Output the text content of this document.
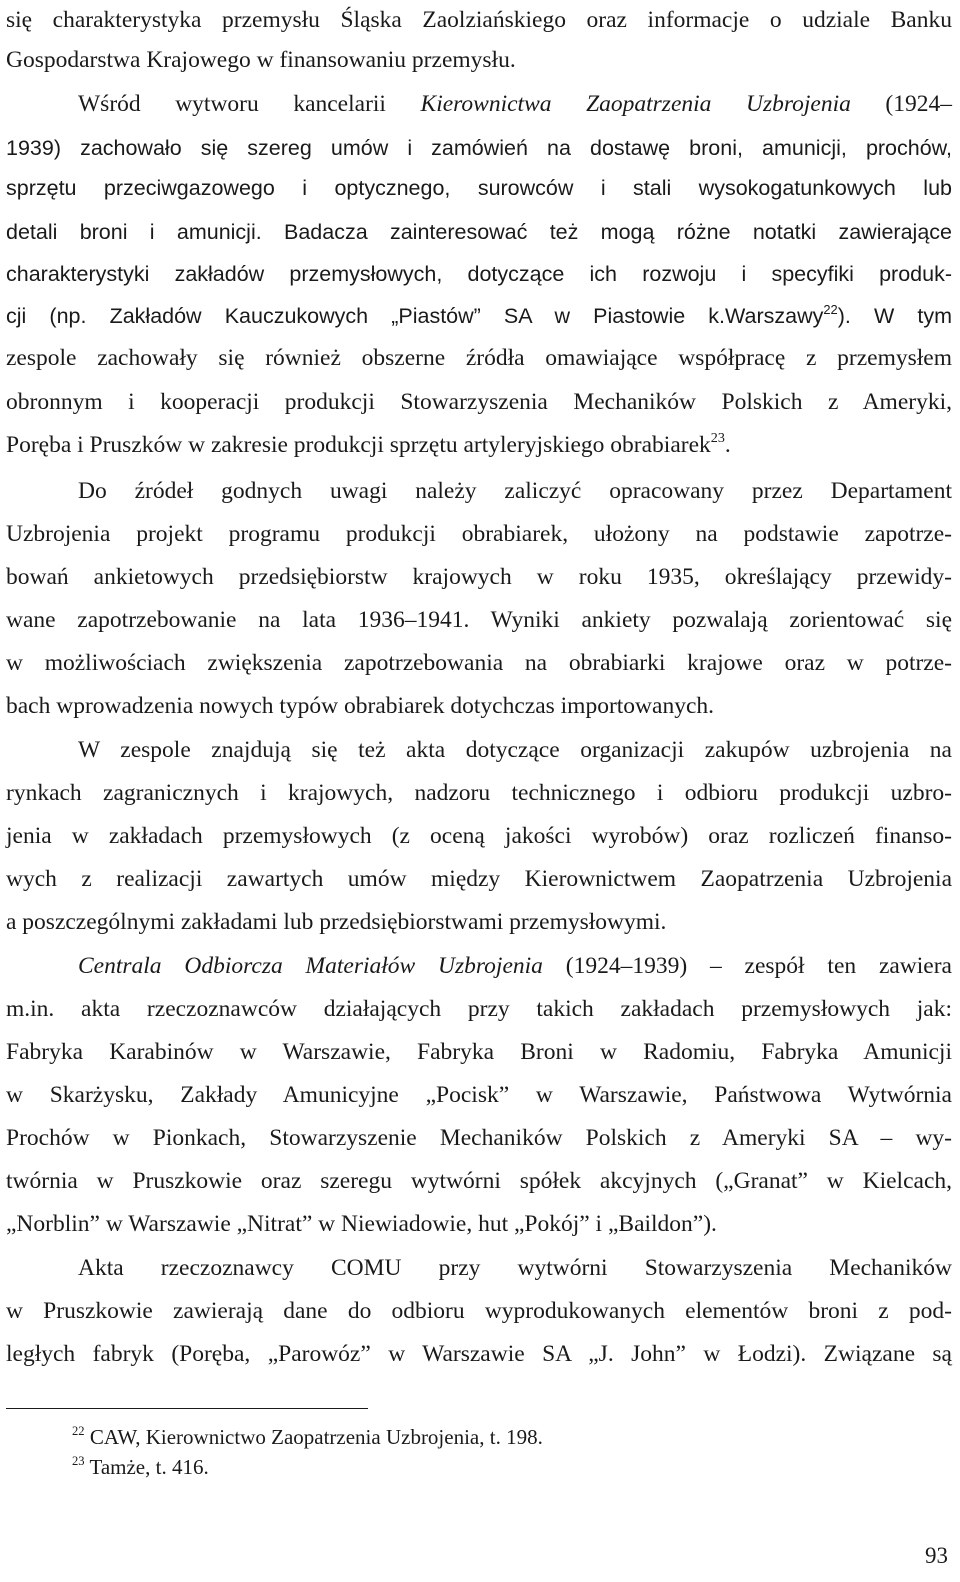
się charakterystyka przemysłu Śląska Zaolziańskiego oraz informacje o udziale Banku
Gospodarstwa Krajowego w finansowaniu przemysłu.
Wśród wytworu kancelarii Kierownictwa Zaopatrzenia Uzbrojenia (1924–
1939) zachowało się szereg umów i zamówień na dostawę broni, amunicji, prochów,
sprzętu przeciwgazowego i optycznego, surowców i stali wysokogatunkowych lub
detali broni i amunicji. Badacza zainteresować też mogą różne notatki zawierające
charakterystyki zakładów przemysłowych, dotyczące ich rozwoju i specyfiki produk-
cji (np. Zakładów Kauczukowych „Piastów” SA w Piastowie k.Warszawy$^{22}$). W tym
zespole zachowały się również obszerne źródła omawiające współpracę z przemysłem
obronnym i kooperacji produkcji Stowarzyszenia Mechaników Polskich z Ameryki,
Poręba i Pruszków w zakresie produkcji sprzętu artyleryjskiego obrabiarek$^{23}$.
Do źródeł godnych uwagi należy zaliczyć opracowany przez Departament
Uzbrojenia projekt programu produkcji obrabiarek, ułożony na podstawie zapotrze-
bowań ankietowych przedsiębiorstw krajowych w roku 1935, określający przewidy-
wane zapotrzebowanie na lata 1936–1941. Wyniki ankiety pozwalają zorientować się
w możliwościach zwiększenia zapotrzebowania na obrabiarki krajowe oraz w potrze-
bach wprowadzenia nowych typów obrabiarek dotychczas importowanych.
W zespole znajdują się też akta dotyczące organizacji zakupów uzbrojenia na
rynkach zagranicznych i krajowych, nadzoru technicznego i odbioru produkcji uzbro-
jenia w zakładach przemysłowych (z oceną jakości wyrobów) oraz rozliczeń finanso-
wych z realizacji zawartych umów między Kierownictwem Zaopatrzenia Uzbrojenia
a poszczególnymi zakładami lub przedsiębiorstwami przemysłowymi.
Centrala Odbiorcza Materiałów Uzbrojenia (1924–1939) – zespół ten zawiera
m.in. akta rzeczoznawców działających przy takich zakładach przemysłowych jak:
Fabryka Karabinów w Warszawie, Fabryka Broni w Radomiu, Fabryka Amunicji
w Skarżysku, Zakłady Amunicyjne „Pocisk” w Warszawie, Państwowa Wytwórnia
Prochów w Pionkach, Stowarzyszenie Mechaników Polskich z Ameryki SA – wy-
twórnia w Pruszkowie oraz szeregu wytwórni spółek akcyjnych („Granat” w Kielcach,
„Norblin” w Warszawie „Nitrat” w Niewiadowie, hut „Pokój” i „Baildon”).
Akta rzeczoznawcy COMU przy wytwórni Stowarzyszenia Mechaników
w Pruszkowie zawierają dane do odbioru wyprodukowanych elementów broni z pod-
ległych fabryk (Poręba, „Parowóz” w Warszawie SA „J. John” w Łodzi). Związane są
$^{22}$ CAW, Kierownictwo Zaopatrzenia Uzbrojenia, t. 198.
$^{23}$ Tamże, t. 416.
93
